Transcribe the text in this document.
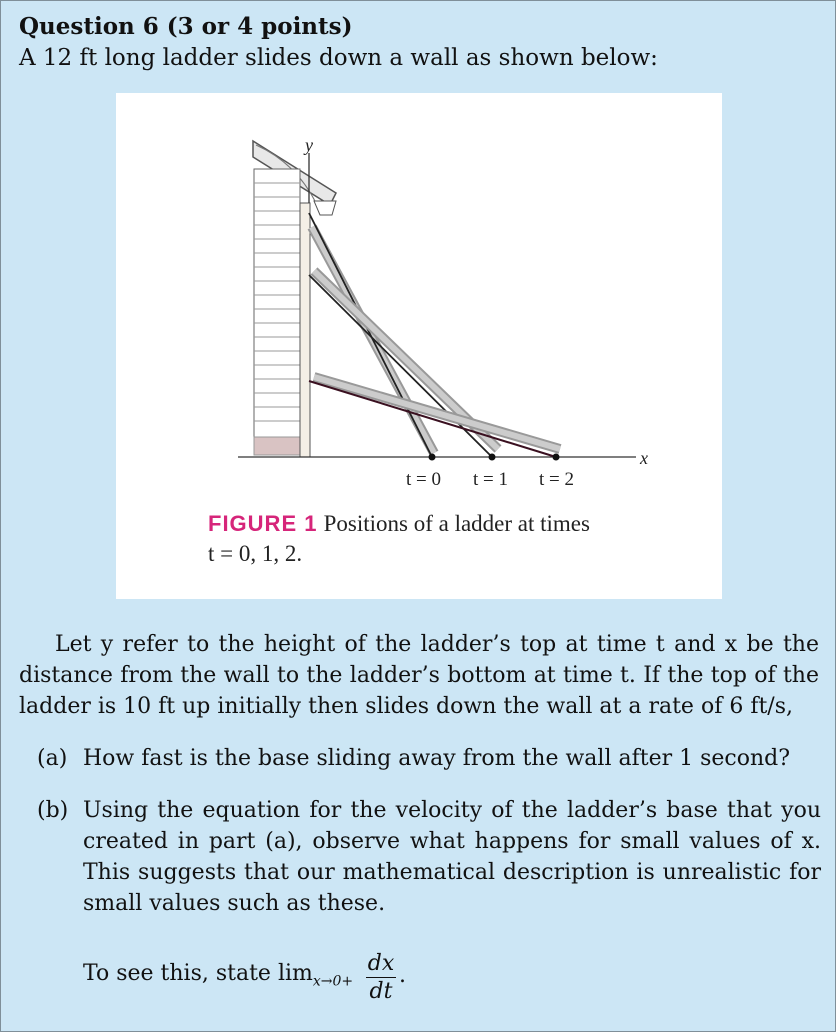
Question 6 (3 or 4 points)
A 12 ft long ladder slides down a wall as shown below:
y
x
t = 0 t = 1 t = 2
FIGURE 1 Positions of a ladder at times
t = 0, 1, 2.
Let y refer to the height of the ladder’s top at time t and x be the distance from the wall to the ladder’s bottom at time t. If the top of the ladder is 10 ft up initially then slides down the wall at a rate of 6 ft/s,
(a) How fast is the base sliding away from the wall after 1 second?
(b) Using the equation for the velocity of the ladder’s base that you created in part (a), observe what happens for small values of x. This suggests that our mathematical description is unrealistic for small values such as these.
To see this, state $\lim_{x\to 0+} \frac{dx}{dt}$ .
